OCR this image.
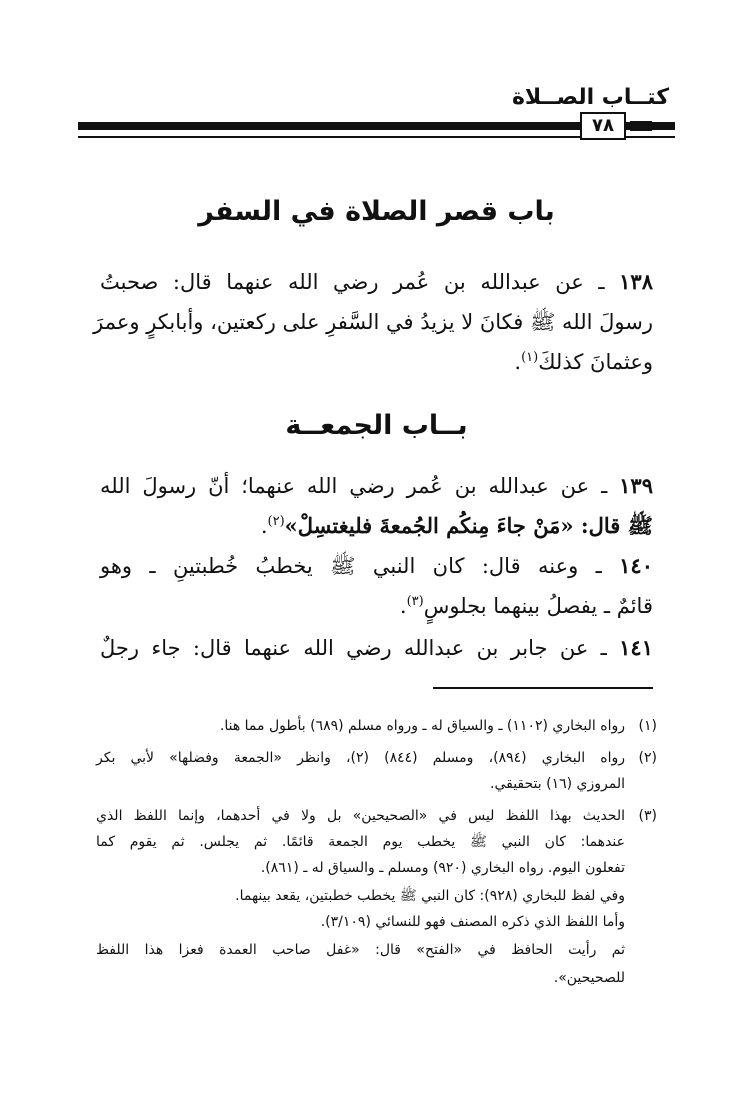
كتــاب الصــلاة
٧٨
باب قصر الصلاة في السفر
١٣٨ ـ عن عبدالله بن عُمر رضي الله عنهما قال: صحبتُ
رسولَ الله ﷺ فكانَ لا يزيدُ في السَّفرِ على ركعتين، وأبابكرٍ وعمرَ
وعثمانَ كذلكَ$^{(١)}$.
بــاب الجمعــة
١٣٩ ـ عن عبدالله بن عُمر رضي الله عنهما؛ أنّ رسولَ الله
ﷺ قال: «مَنْ جاءَ مِنكُم الجُمعةَ فليغتسِلْ»$^{(٢)}$.
١٤٠ ـ وعنه قال: كان النبي ﷺ يخطبُ خُطبتينِ ـ وهو
قائمٌ ـ يفصلُ بينهما بجلوسٍ$^{(٣)}$.
١٤١ ـ عن جابر بن عبدالله رضي الله عنهما قال: جاء رجلٌ
(١)
رواه البخاري (١١٠٢) ـ والسياق له ـ ورواه مسلم (٦٨٩) بأطول مما هنا.
(٢)
رواه البخاري (٨٩٤)، ومسلم (٨٤٤) (٢)، وانظر «الجمعة وفضلها» لأبي بكر
المروزي (١٦) بتحقيقي.
(٣)
الحديث بهذا اللفظ ليس في «الصحيحين» بل ولا في أحدهما، وإنما اللفظ الذي
عندهما: كان النبي ﷺ يخطب يوم الجمعة قائمًا. ثم يجلس. ثم يقوم كما
تفعلون اليوم. رواه البخاري (٩٢٠) ومسلم ـ والسياق له ـ (٨٦١).
وفي لفظ للبخاري (٩٢٨): كان النبي ﷺ يخطب خطبتين، يقعد بينهما.
وأما اللفظ الذي ذكره المصنف فهو للنسائي (٣/١٠٩).
ثم رأيت الحافظ في «الفتح» قال: «غفل صاحب العمدة فعزا هذا اللفظ
للصحيحين».
